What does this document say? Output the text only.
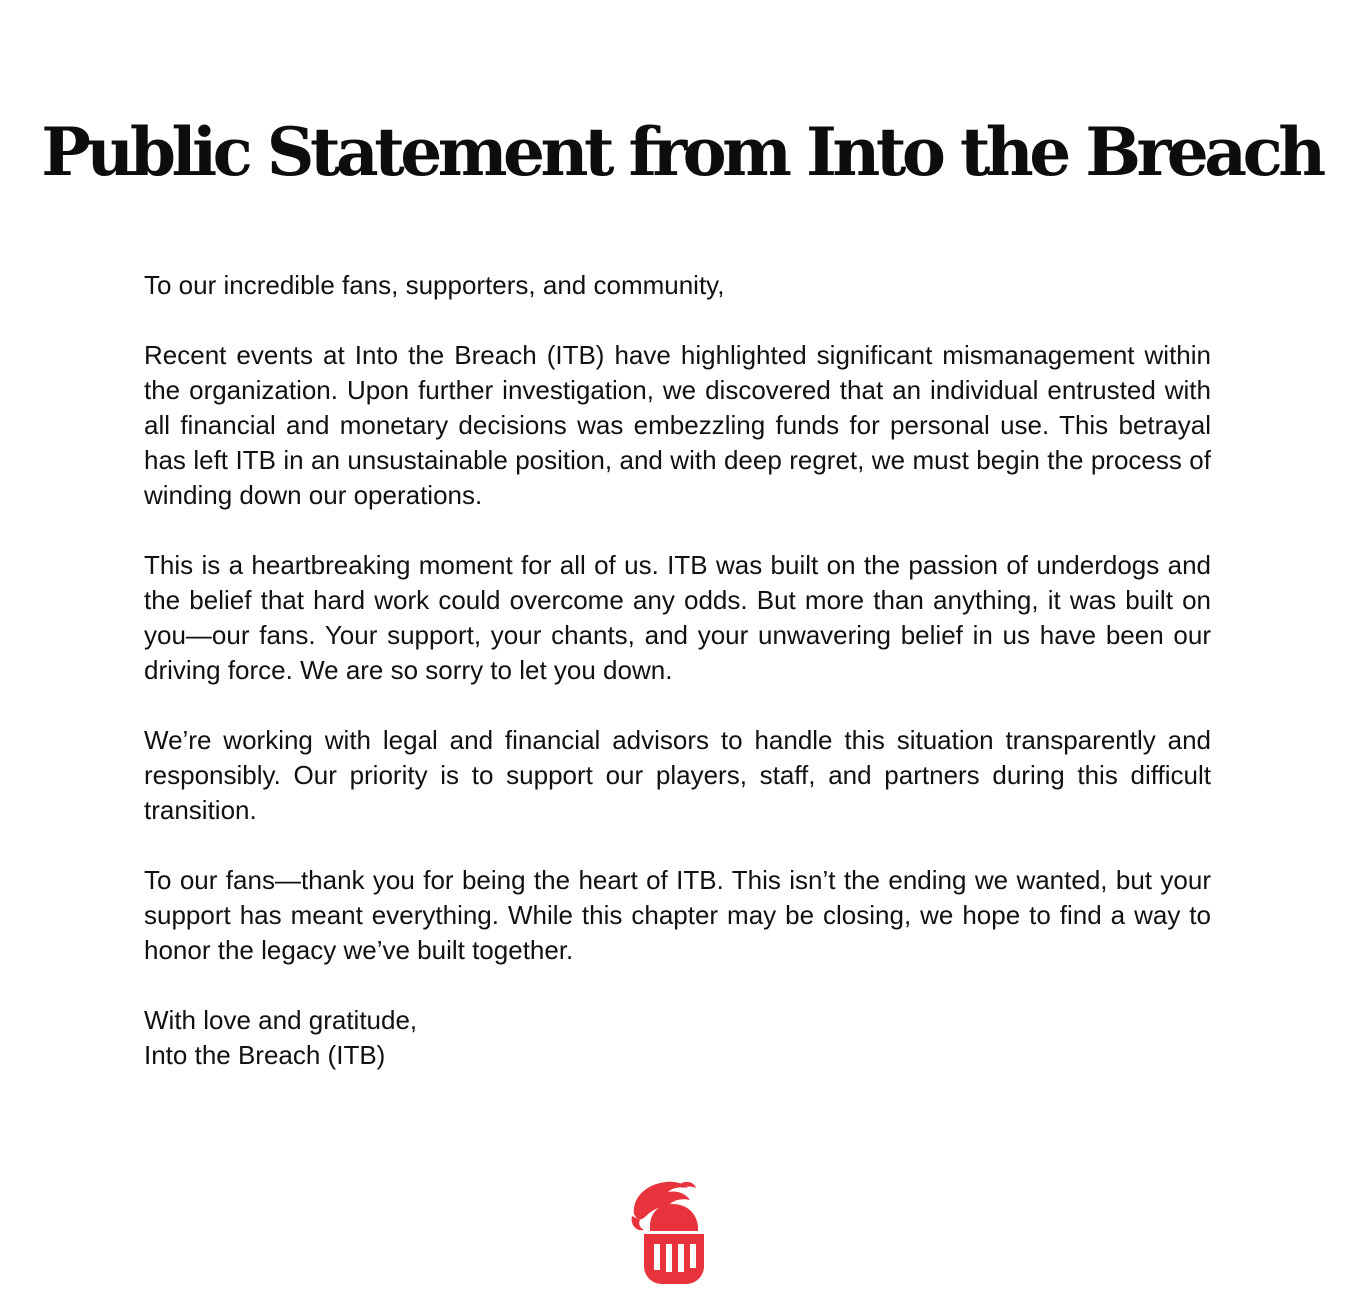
Public Statement from Into the Breach

To our incredible fans, supporters, and community,

Recent events at Into the Breach (ITB) have highlighted significant mismanagement within the organization. Upon further investigation, we discovered that an individual entrusted with all financial and monetary decisions was embezzling funds for personal use. This betrayal has left ITB in an unsustainable position, and with deep regret, we must begin the process of winding down our operations.

This is a heartbreaking moment for all of us. ITB was built on the passion of underdogs and the belief that hard work could overcome any odds. But more than anything, it was built on you—our fans. Your support, your chants, and your unwavering belief in us have been our driving force. We are so sorry to let you down.

We’re working with legal and financial advisors to handle this situation transparently and responsibly. Our priority is to support our players, staff, and partners during this difficult transition.

To our fans—thank you for being the heart of ITB. This isn’t the ending we wanted, but your support has meant everything. While this chapter may be closing, we hope to find a way to honor the legacy we’ve built together.

With love and gratitude,

Into the Breach (ITB)
